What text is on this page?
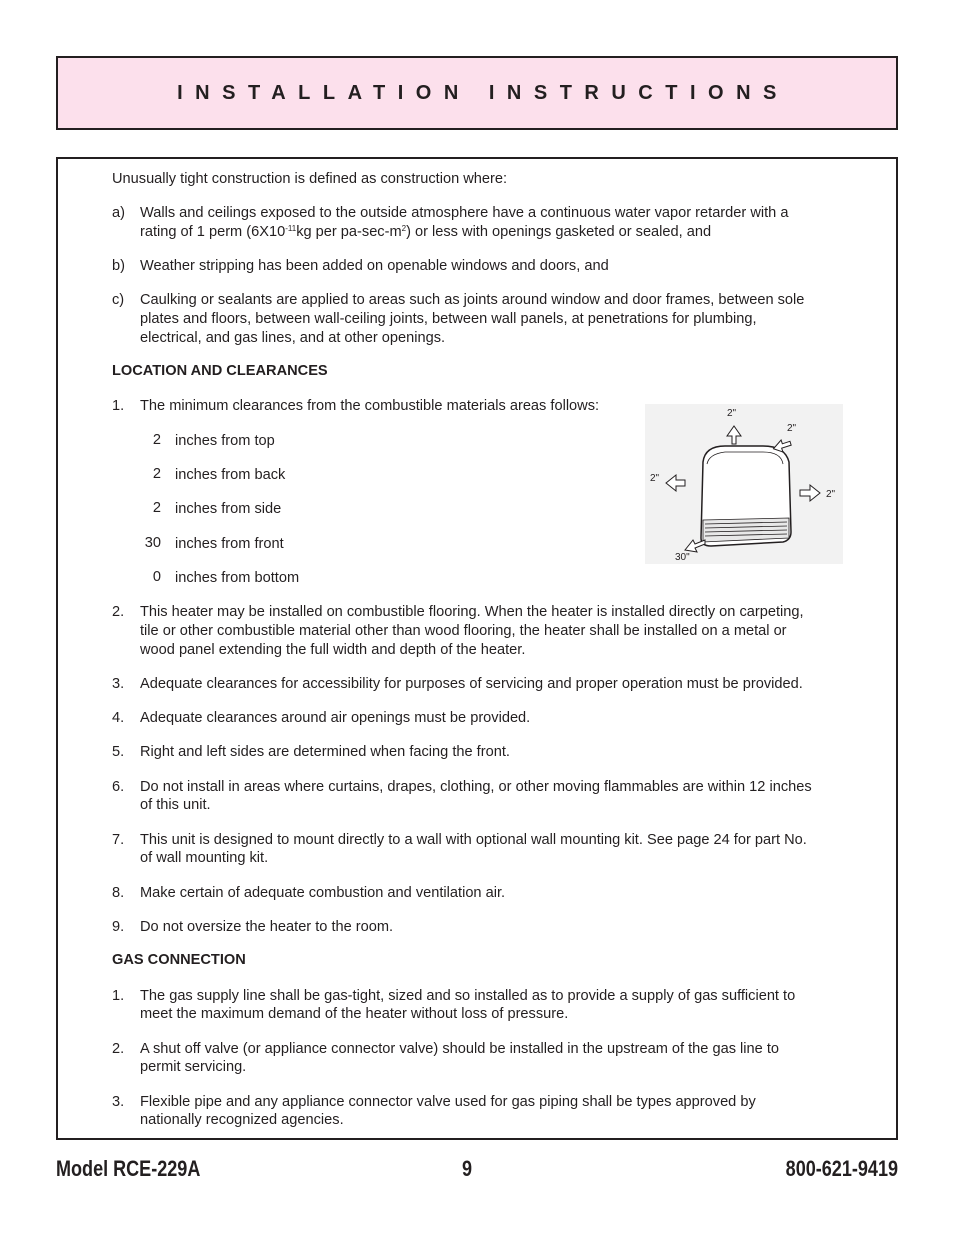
INSTALLATION INSTRUCTIONS
Unusually tight construction is defined as construction where:
a) Walls and ceilings exposed to the outside atmosphere have a continuous water vapor retarder with a
rating of 1 perm ($6X10^{-11}kg$ per $pa-\sec-m^2$) or less with openings gasketed or sealed, and
b) Weather stripping has been added on openable windows and doors, and
c) Caulking or sealants are applied to areas such as joints around window and door frames, between sole
plates and floors, between wall-ceiling joints, between wall panels, at penetrations for plumbing,
electrical, and gas lines, and at other openings.
LOCATION AND CLEARANCES
1. The minimum clearances from the combustible materials areas follows:
2 inches from top
2 inches from back
2 inches from side
30 inches from front
0 inches from bottom
2"
2"
2"
2"
30"
2. This heater may be installed on combustible flooring. When the heater is installed directly on carpeting,
tile or other combustible material other than wood flooring, the heater shall be installed on a metal or
wood panel extending the full width and depth of the heater.
3. Adequate clearances for accessibility for purposes of servicing and proper operation must be provided.
4. Adequate clearances around air openings must be provided.
5. Right and left sides are determined when facing the front.
6. Do not install in areas where curtains, drapes, clothing, or other moving flammables are within 12 inches
of this unit.
7. This unit is designed to mount directly to a wall with optional wall mounting kit. See page 24 for part No.
of wall mounting kit.
8. Make certain of adequate combustion and ventilation air.
9. Do not oversize the heater to the room.
GAS CONNECTION
1. The gas supply line shall be gas-tight, sized and so installed as to provide a supply of gas sufficient to
meet the maximum demand of the heater without loss of pressure.
2. A shut off valve (or appliance connector valve) should be installed in the upstream of the gas line to
permit servicing.
3. Flexible pipe and any appliance connector valve used for gas piping shall be types approved by
nationally recognized agencies.
Model RCE-229A	9	800-621-9419
